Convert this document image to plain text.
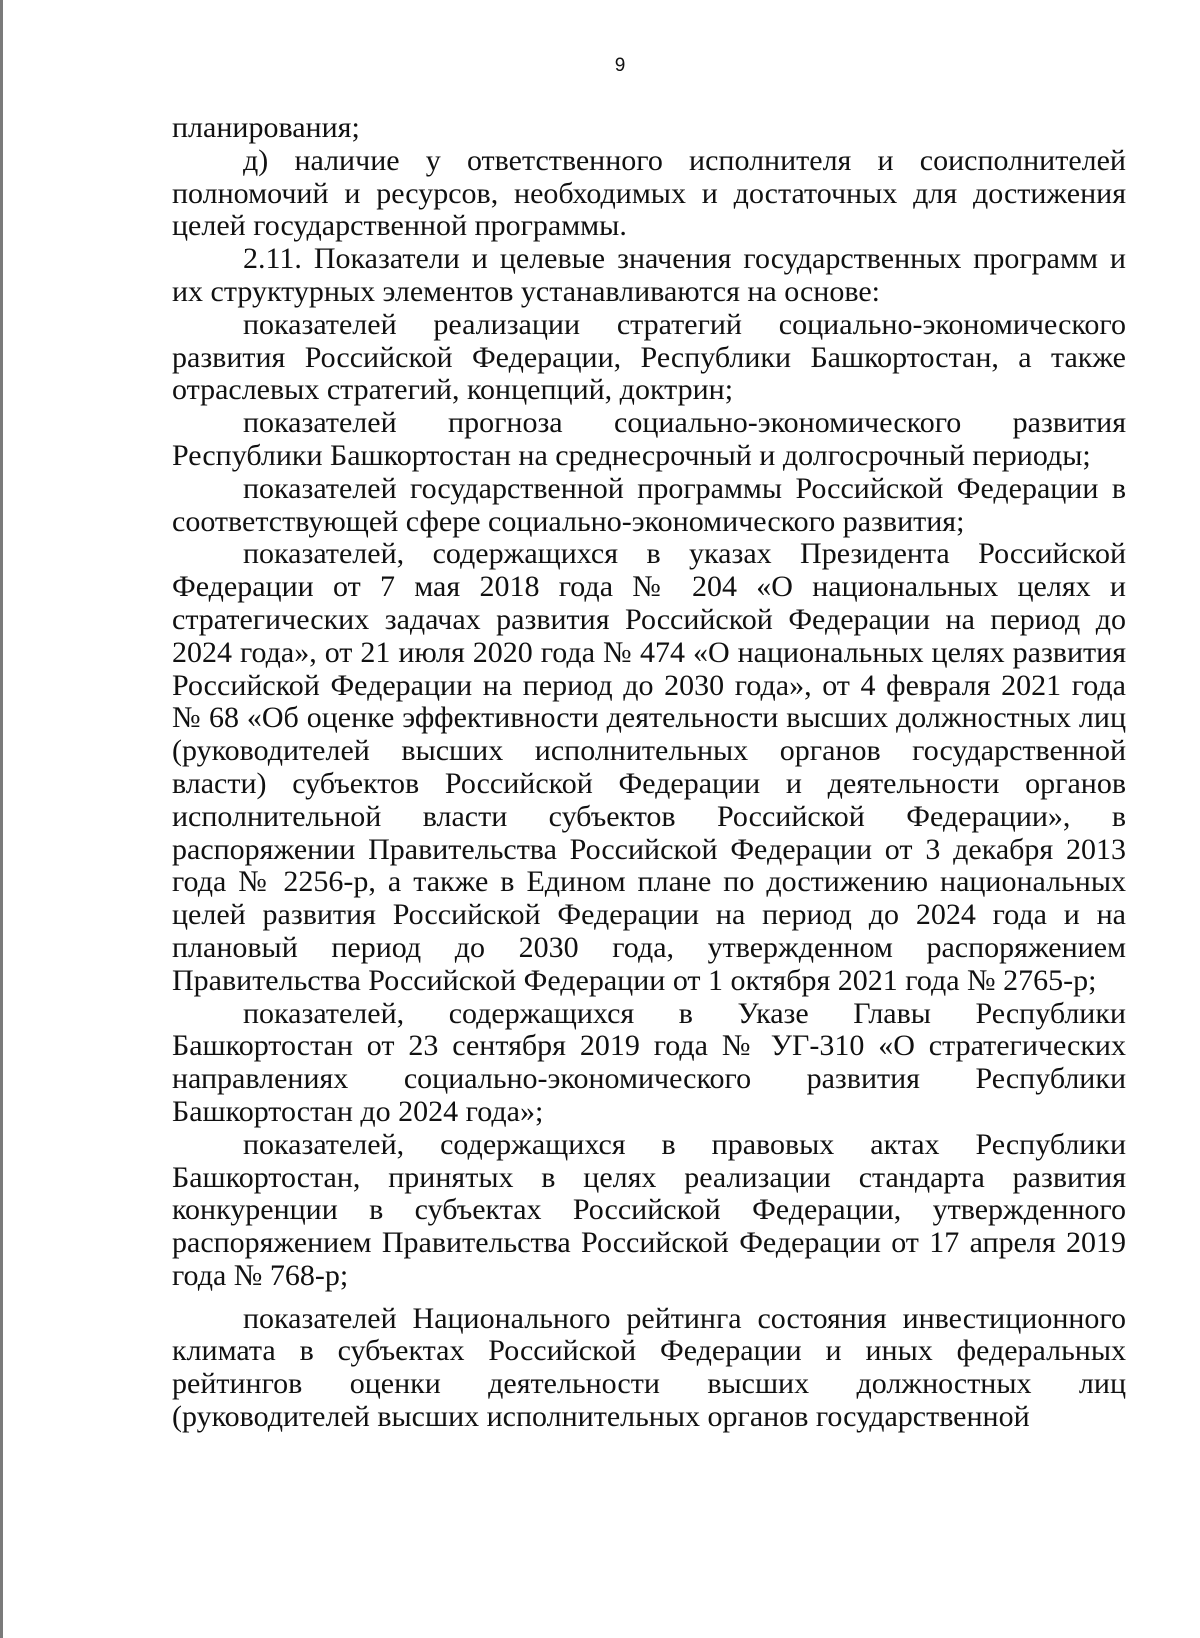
9

планирования;

д) наличие у ответственного исполнителя и соисполнителей полномочий и ресурсов, необходимых и достаточных для достижения целей государственной программы.

2.11. Показатели и целевые значения государственных программ и их структурных элементов устанавливаются на основе:

показателей реализации стратегий социально-экономического развития Российской Федерации, Республики Башкортостан, а также отраслевых стратегий, концепций, доктрин;

показателей прогноза социально-экономического развития Республики Башкортостан на среднесрочный и долгосрочный периоды;

показателей государственной программы Российской Федерации в соответствующей сфере социально-экономического развития;

показателей, содержащихся в указах Президента Российской Федерации от 7 мая 2018 года № 204 «О национальных целях и стратегических задачах развития Российской Федерации на период до 2024 года», от 21 июля 2020 года № 474 «О национальных целях развития Российской Федерации на период до 2030 года», от 4 февраля 2021 года № 68 «Об оценке эффективности деятельности высших должностных лиц (руководителей высших исполнительных органов государственной власти) субъектов Российской Федерации и деятельности органов исполнительной власти субъектов Российской Федерации», в распоряжении Правительства Российской Федерации от 3 декабря 2013 года № 2256-р, а также в Едином плане по достижению национальных целей развития Российской Федерации на период до 2024 года и на плановый период до 2030 года, утвержденном распоряжением Правительства Российской Федерации от 1 октября 2021 года № 2765-р;

показателей, содержащихся в Указе Главы Республики Башкортостан от 23 сентября 2019 года № УГ-310 «О стратегических направлениях социально-экономического развития Республики Башкортостан до 2024 года»;

показателей, содержащихся в правовых актах Республики Башкортостан, принятых в целях реализации стандарта развития конкуренции в субъектах Российской Федерации, утвержденного распоряжением Правительства Российской Федерации от 17 апреля 2019 года № 768-р;

показателей Национального рейтинга состояния инвестиционного климата в субъектах Российской Федерации и иных федеральных рейтингов оценки деятельности высших должностных лиц (руководителей высших исполнительных органов государственной
